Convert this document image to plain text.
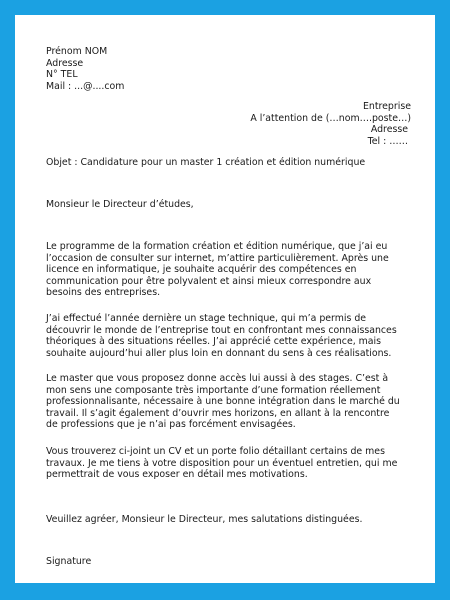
Prénom NOM
Adresse
N° TEL
Mail : ...@....com
Entreprise
A l’attention de (…nom….poste…)
Adresse
Tel : ……
Objet : Candidature pour un master 1 création et édition numérique
Monsieur le Directeur d’études,
Le programme de la formation création et édition numérique, que j’ai eu
l’occasion de consulter sur internet, m’attire particulièrement. Après une
licence en informatique, je souhaite acquérir des compétences en
communication pour être polyvalent et ainsi mieux correspondre aux
besoins des entreprises.
J’ai effectué l’année dernière un stage technique, qui m’a permis de
découvrir le monde de l’entreprise tout en confrontant mes connaissances
théoriques à des situations réelles. J’ai apprécié cette expérience, mais
souhaite aujourd’hui aller plus loin en donnant du sens à ces réalisations.
Le master que vous proposez donne accès lui aussi à des stages. C’est à
mon sens une composante très importante d’une formation réellement
professionnalisante, nécessaire à une bonne intégration dans le marché du
travail. Il s’agit également d’ouvrir mes horizons, en allant à la rencontre
de professions que je n’ai pas forcément envisagées.
Vous trouverez ci-joint un CV et un porte folio détaillant certains de mes
travaux. Je me tiens à votre disposition pour un éventuel entretien, qui me
permettrait de vous exposer en détail mes motivations.
Veuillez agréer, Monsieur le Directeur, mes salutations distinguées.
Signature
